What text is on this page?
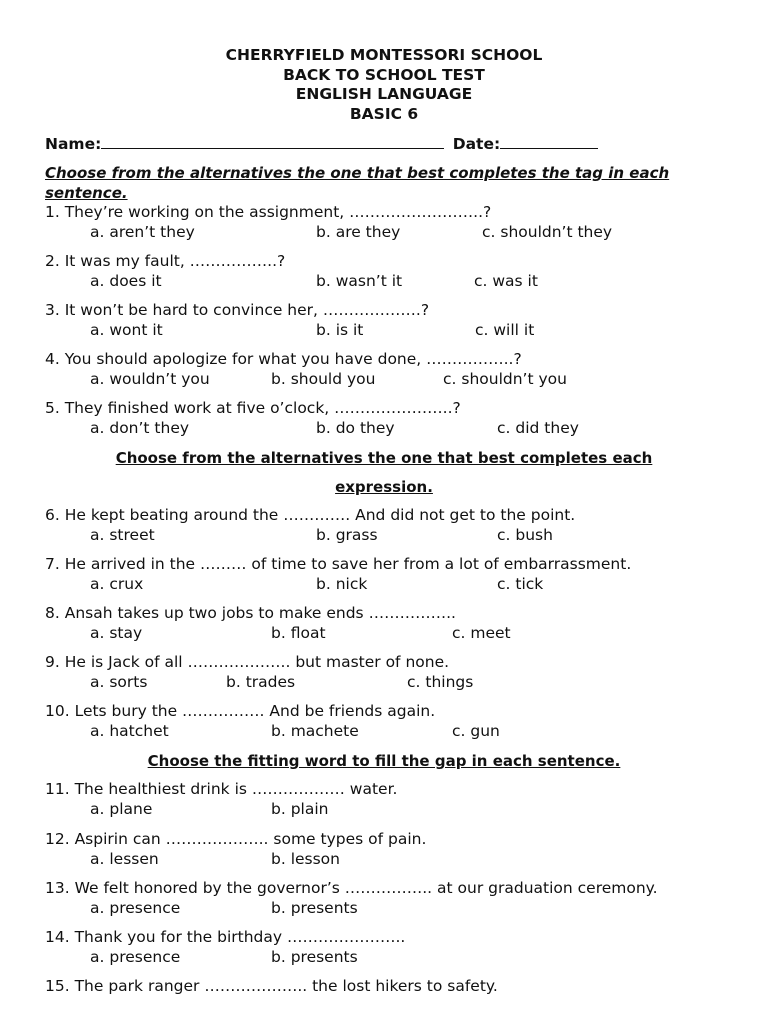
CHERRYFIELD MONTESSORI SCHOOL
BACK TO SCHOOL TEST
ENGLISH LANGUAGE
BASIC 6
Name:	Date:
Choose from the alternatives the one that best completes the tag in each sentence.
1. They’re working on the assignment, ……………………..?
a. aren’t they	b. are they	c. shouldn’t they
2. It was my fault, ……………..?
a. does it	b. wasn’t it	c. was it
3. It won’t be hard to convince her, ……………….?
a. wont it	b. is it	c. will it
4. You should apologize for what you have done, ……………..?
a. wouldn’t you	b. should you	c. shouldn’t you
5. They finished work at five o’clock, …………………..?
a. don’t they	b. do they	c. did they
Choose from the alternatives the one that best completes each
expression.
6. He kept beating around the …………. And did not get to the point.
a. street	b. grass	c. bush
7. He arrived in the ……… of time to save her from a lot of embarrassment.
a. crux	b. nick	c. tick
8. Ansah takes up two jobs to make ends ……………..
a. stay	b. float	c. meet
9. He is Jack of all ……………….. but master of none.
a. sorts	b. trades	c. things
10. Lets bury the ……………. And be friends again.
a. hatchet	b. machete	c. gun
Choose the fitting word to fill the gap in each sentence.
11. The healthiest drink is ……………… water.
a. plane	b. plain
12. Aspirin can ……………….. some types of pain.
a. lessen	b. lesson
13. We felt honored by the governor’s …………….. at our graduation ceremony.
a. presence	b. presents
14. Thank you for the birthday …………………..
a. presence	b. presents
15. The park ranger ……………….. the lost hikers to safety.
